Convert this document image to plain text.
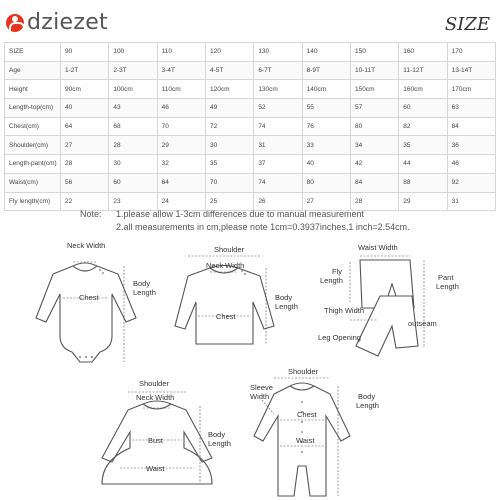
dziezet	SIZE
SIZE	90	100	110	120	130	140	150	160	170
Age	1-2T	2-3T	3-4T	4-5T	6-7T	8-9T	10-11T	11-12T	13-14T
Height	90cm	100cm	110cm	120cm	130cm	140cm	150cm	160cm	170cm
Length-top(cm)	40	43	46	49	52	55	57	60	63
Chest(cm)	64	68	70	72	74	76	80	82	84
Shoulder(cm)	27	28	29	30	31	33	34	35	36
Length-pant(cm)	28	30	32	35	37	40	42	44	46
Waist(cm)	56	60	64	70	74	80	84	88	92
Fly length(cm)	22	23	24	25	26	27	28	29	31
Note: 1.please allow 1-3cm differences due to manual measurement
2.all measurements in cm,please note 1cm=0.3937inches,1 inch=2.54cm.
Neck Width
Chest
Body
Length
Shoulder
Neck Width
Chest
Body
Length
Waist Width
Fly
Length	Pant
Length
Thigh Width
outseam
Leg Opening
Shoulder
Neck Width
Bust
Waist
Body
Length
Shoulder
Sleeve
Width
Chest
Waist
Body
Length
